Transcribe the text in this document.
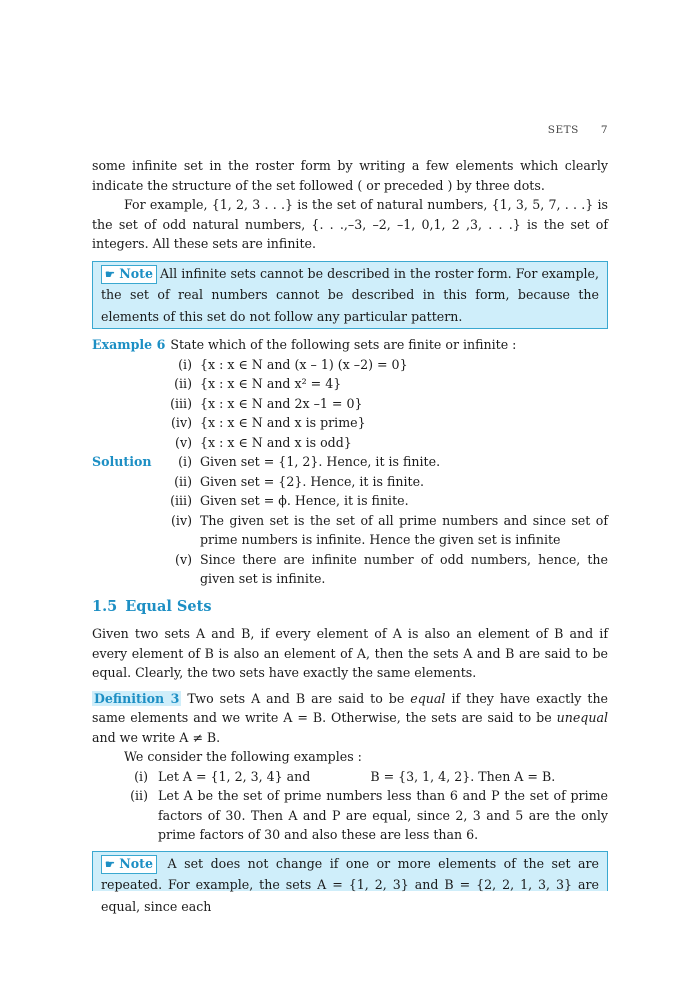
SETS 7

some infinite set in the roster form by writing a few elements which clearly indicate the structure of the set followed ( or preceded ) by three dots.

For example, {1, 2, 3 . . .} is the set of natural numbers, {1, 3, 5, 7, . . .} is the set of odd natural numbers, {. . .,–3, –2, –1, 0,1, 2 ,3, . . .} is the set of integers. All these sets are infinite.

☛ Note All infinite sets cannot be described in the roster form. For example, the set of real numbers cannot be described in this form, because the elements of this set do not follow any particular pattern.
Example 6 State which of the following sets are finite or infinite :
(i) {x : x ∈ N and (x – 1) (x –2) = 0}
(ii) {x : x ∈ N and x² = 4}
(iii) {x : x ∈ N and 2x –1 = 0}
(iv) {x : x ∈ N and x is prime}
(v) {x : x ∈ N and x is odd}
Solution	(i) Given set = {1, 2}. Hence, it is finite.
(ii) Given set = {2}. Hence, it is finite.
(iii) Given set = ϕ. Hence, it is finite.
(iv) The given set is the set of all prime numbers and since set of prime numbers is infinite. Hence the given set is infinite
(v) Since there are infinite number of odd numbers, hence, the given set is infinite.
1.5 Equal Sets

Given two sets A and B, if every element of A is also an element of B and if every element of B is also an element of A, then the sets A and B are said to be equal. Clearly, the two sets have exactly the same elements.

Definition 3 Two sets A and B are said to be equal if they have exactly the same elements and we write A = B. Otherwise, the sets are said to be unequal and we write A ≠ B.

We consider the following examples :

(i) Let A = {1, 2, 3, 4} and	B = {3, 1, 4, 2}. Then A = B.
(ii) Let A be the set of prime numbers less than 6 and P the set of prime factors of 30. Then A and P are equal, since 2, 3 and 5 are the only prime factors of 30 and also these are less than 6.
☛ Note A set does not change if one or more elements of the set are repeated. For example, the sets A = {1, 2, 3} and B = {2, 2, 1, 3, 3} are equal, since each
